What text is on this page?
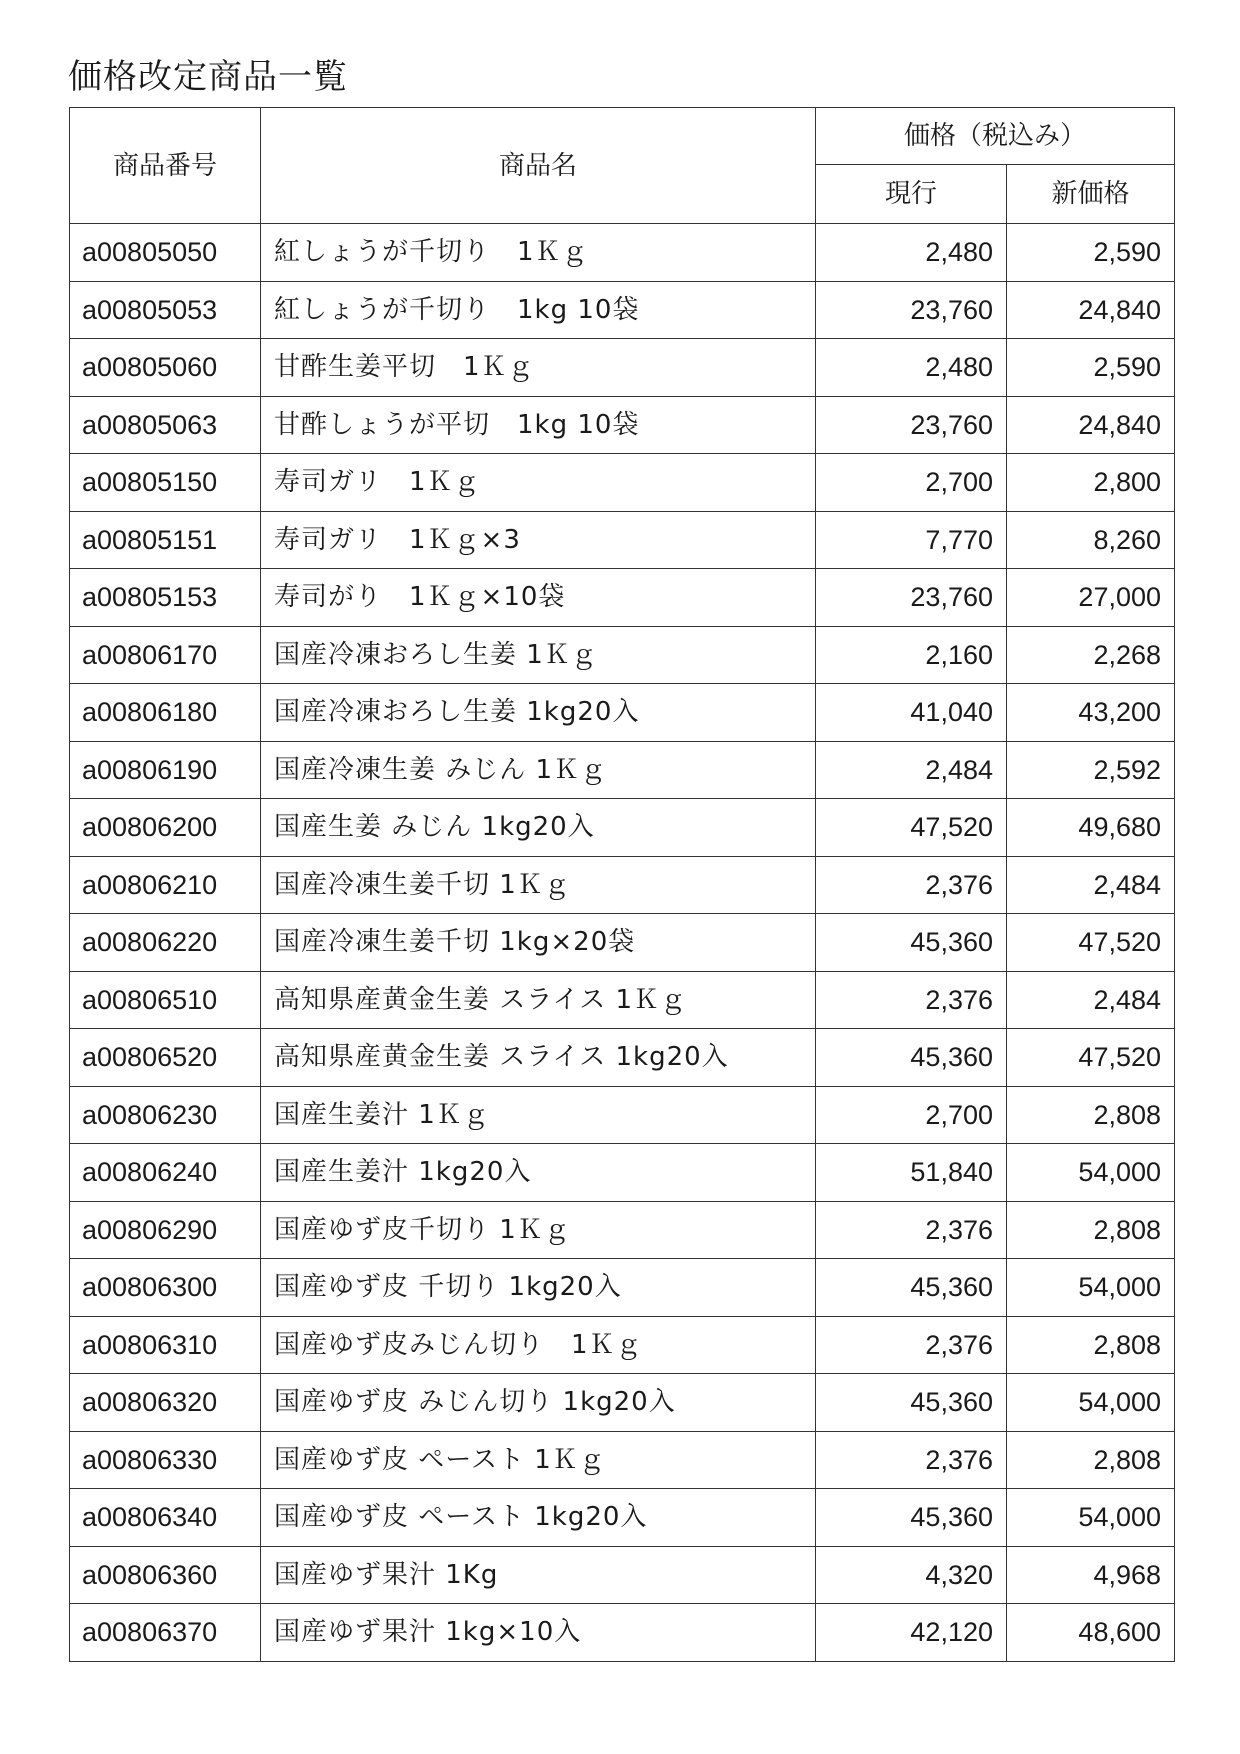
価格改定商品一覧
商品番号	商品名	価格（税込み）	
		現行	新価格
a00805050	紅しょうが千切り　1Ｋｇ	2,480	2,590
a00805053	紅しょうが千切り　1kg 10袋	23,760	24,840
a00805060	甘酢生姜平切　1Ｋｇ	2,480	2,590
a00805063	甘酢しょうが平切　1kg 10袋	23,760	24,840
a00805150	寿司ガリ　1Ｋｇ	2,700	2,800
a00805151	寿司ガリ　1Ｋｇ×3	7,770	8,260
a00805153	寿司がり　1Ｋｇ×10袋	23,760	27,000
a00806170	国産冷凍おろし生姜 1Ｋｇ	2,160	2,268
a00806180	国産冷凍おろし生姜 1kg20入	41,040	43,200
a00806190	国産冷凍生姜 みじん 1Ｋｇ	2,484	2,592
a00806200	国産生姜 みじん 1kg20入	47,520	49,680
a00806210	国産冷凍生姜千切 1Ｋｇ	2,376	2,484
a00806220	国産冷凍生姜千切 1kg×20袋	45,360	47,520
a00806510	高知県産黄金生姜 スライス 1Ｋｇ	2,376	2,484
a00806520	高知県産黄金生姜 スライス 1kg20入	45,360	47,520
a00806230	国産生姜汁 1Ｋｇ	2,700	2,808
a00806240	国産生姜汁 1kg20入	51,840	54,000
a00806290	国産ゆず皮千切り 1Ｋｇ	2,376	2,808
a00806300	国産ゆず皮 千切り 1kg20入	45,360	54,000
a00806310	国産ゆず皮みじん切り　1Ｋｇ	2,376	2,808
a00806320	国産ゆず皮 みじん切り 1kg20入	45,360	54,000
a00806330	国産ゆず皮 ペースト 1Ｋｇ	2,376	2,808
a00806340	国産ゆず皮 ペースト 1kg20入	45,360	54,000
a00806360	国産ゆず果汁 1Kg	4,320	4,968
a00806370	国産ゆず果汁 1kg×10入	42,120	48,600
